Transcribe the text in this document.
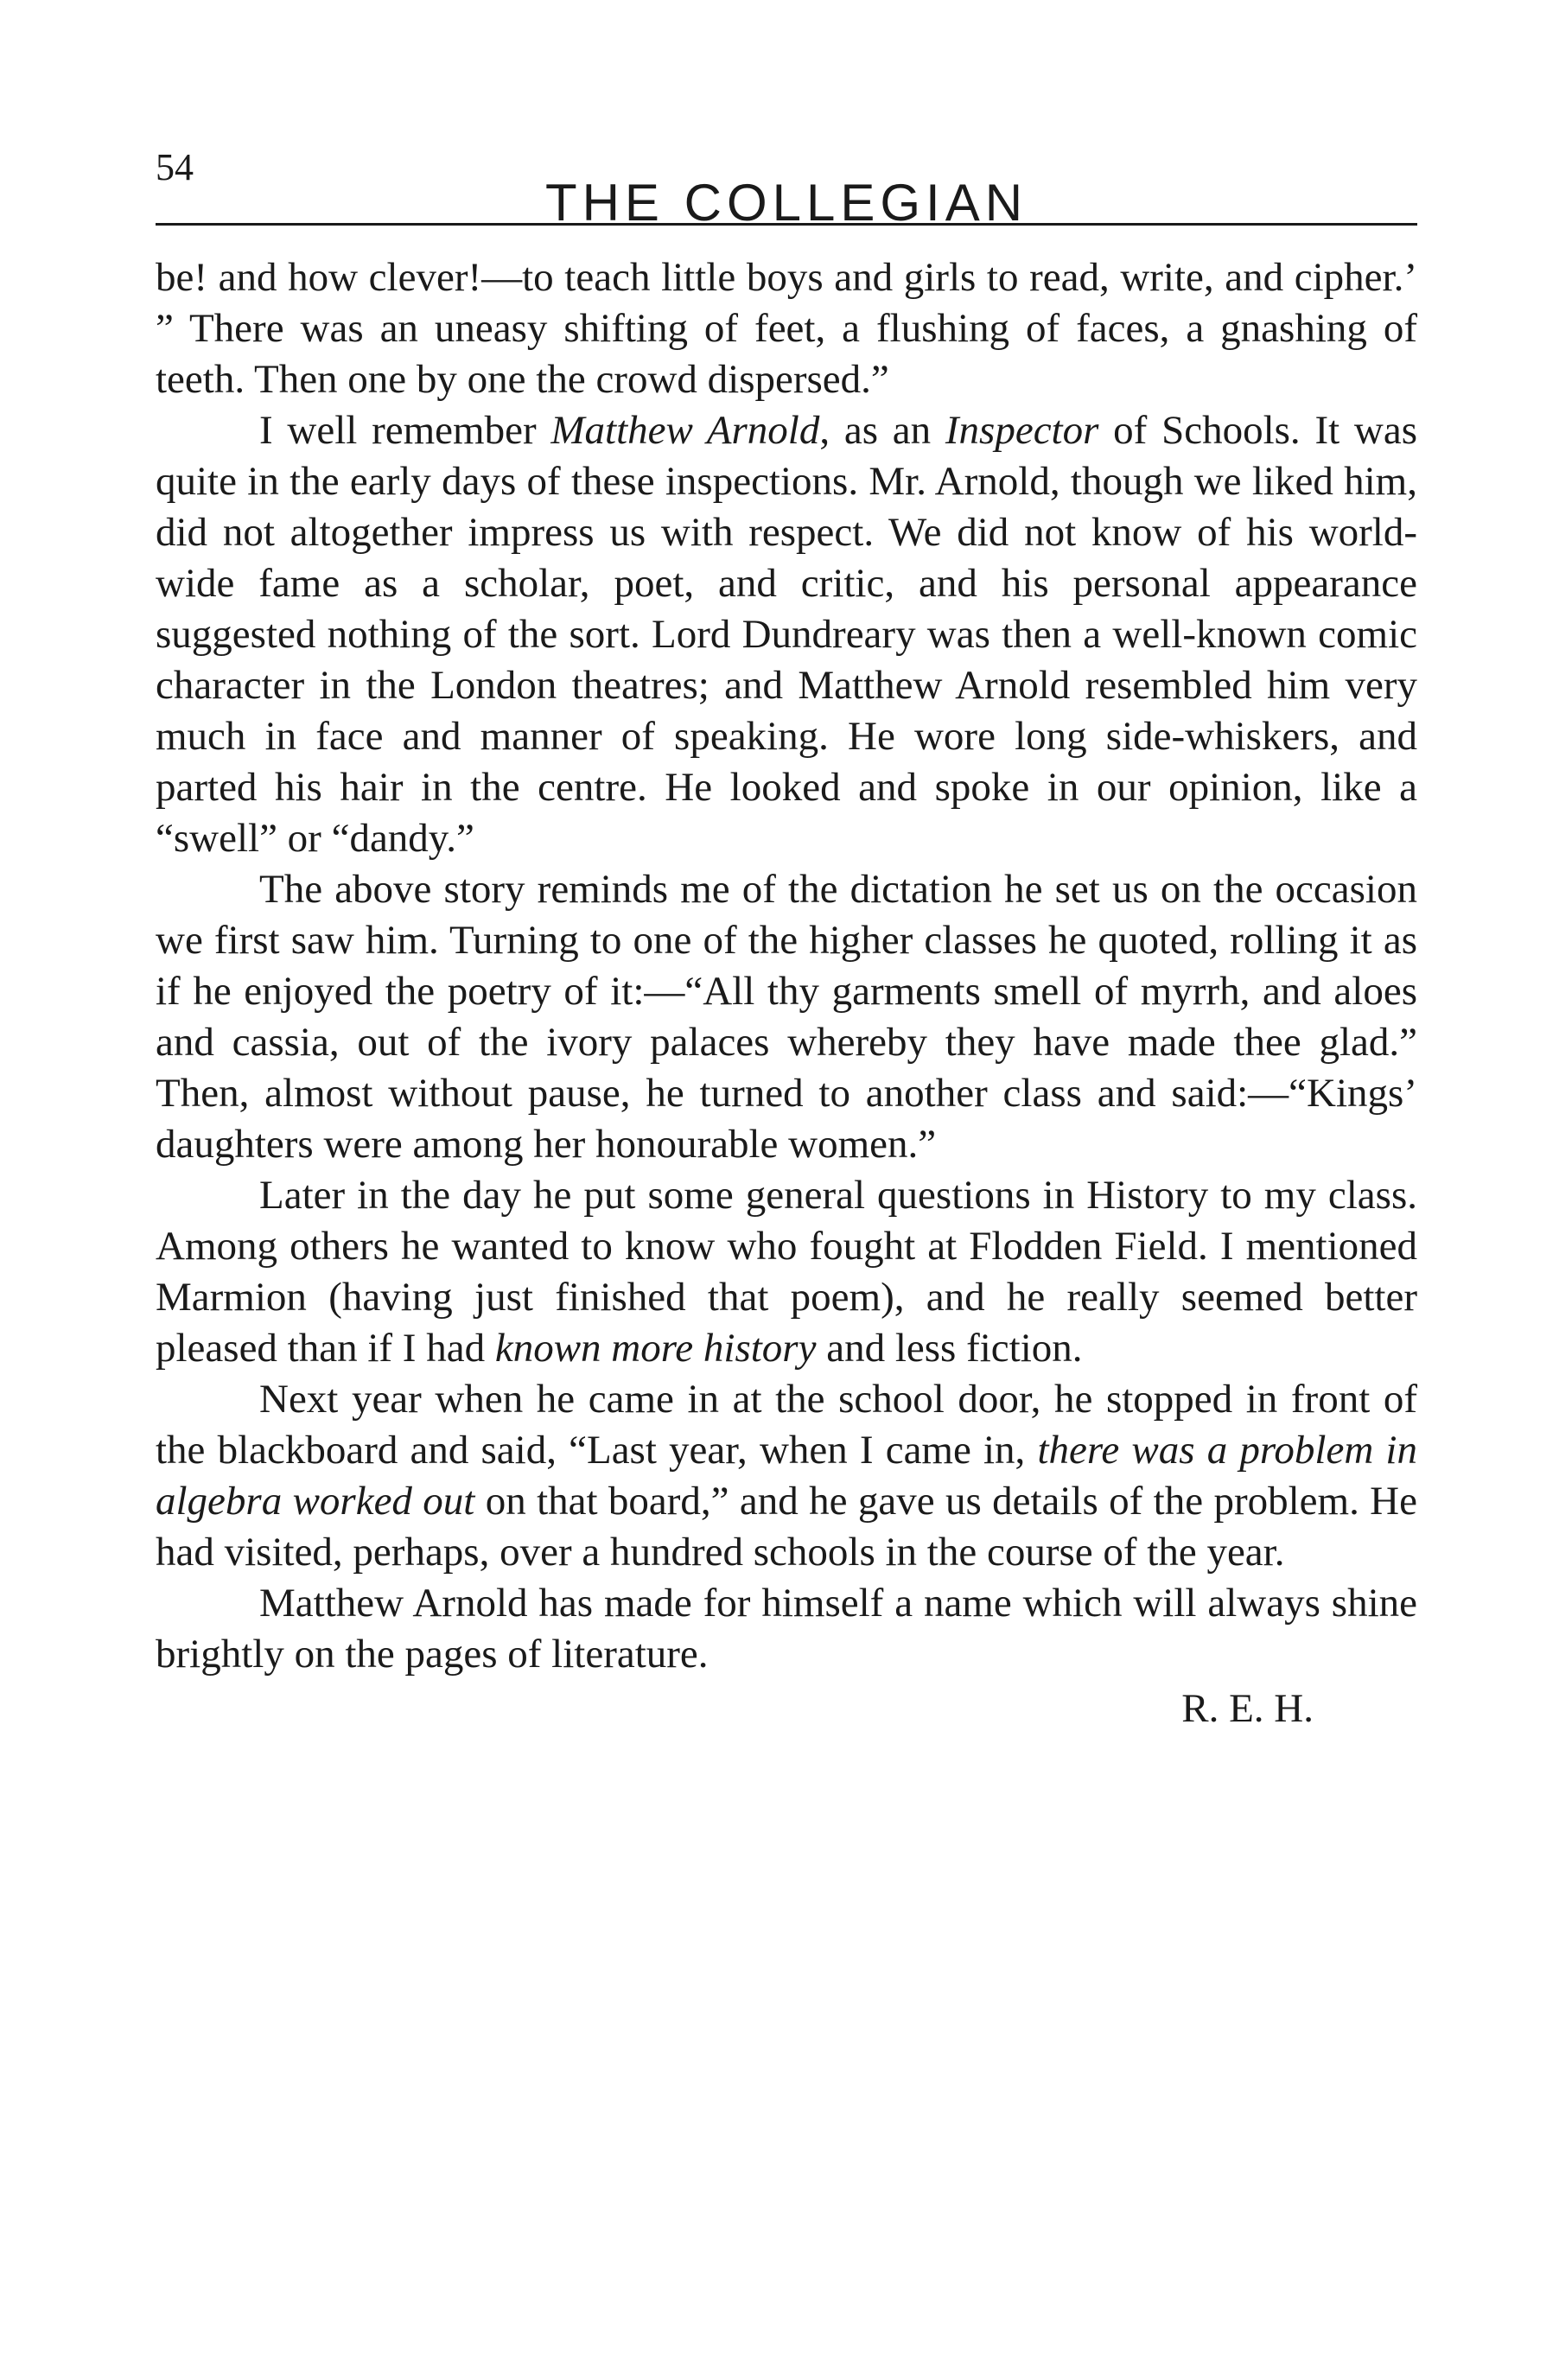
54
THE COLLEGIAN

be! and how clever!—to teach little boys and girls to read, write, and cipher.’ ” There was an uneasy shifting of feet, a flushing of faces, a gnashing of teeth. Then one by one the crowd dispersed.”

I well remember Matthew Arnold, as an Inspector of Schools. It was quite in the early days of these inspections. Mr. Arnold, though we liked him, did not altogether impress us with respect. We did not know of his world-wide fame as a scholar, poet, and critic, and his personal appearance suggested nothing of the sort. Lord Dundreary was then a well-known comic character in the London theatres; and Matthew Arnold resembled him very much in face and manner of speaking. He wore long side-whiskers, and parted his hair in the centre. He looked and spoke in our opinion, like a “swell” or “dandy.”

The above story reminds me of the dictation he set us on the occasion we first saw him. Turning to one of the higher classes he quoted, rolling it as if he enjoyed the poetry of it:—“All thy garments smell of myrrh, and aloes and cassia, out of the ivory palaces whereby they have made thee glad.” Then, almost without pause, he turned to another class and said:—“Kings’ daughters were among her honourable women.”

Later in the day he put some general questions in History to my class. Among others he wanted to know who fought at Flodden Field. I mentioned Marmion (having just finished that poem), and he really seemed better pleased than if I had known more history and less fiction.

Next year when he came in at the school door, he stopped in front of the blackboard and said, “Last year, when I came in, there was a problem in algebra worked out on that board,” and he gave us details of the problem. He had visited, perhaps, over a hundred schools in the course of the year.

Matthew Arnold has made for himself a name which will always shine brightly on the pages of literature.

R. E. H.
